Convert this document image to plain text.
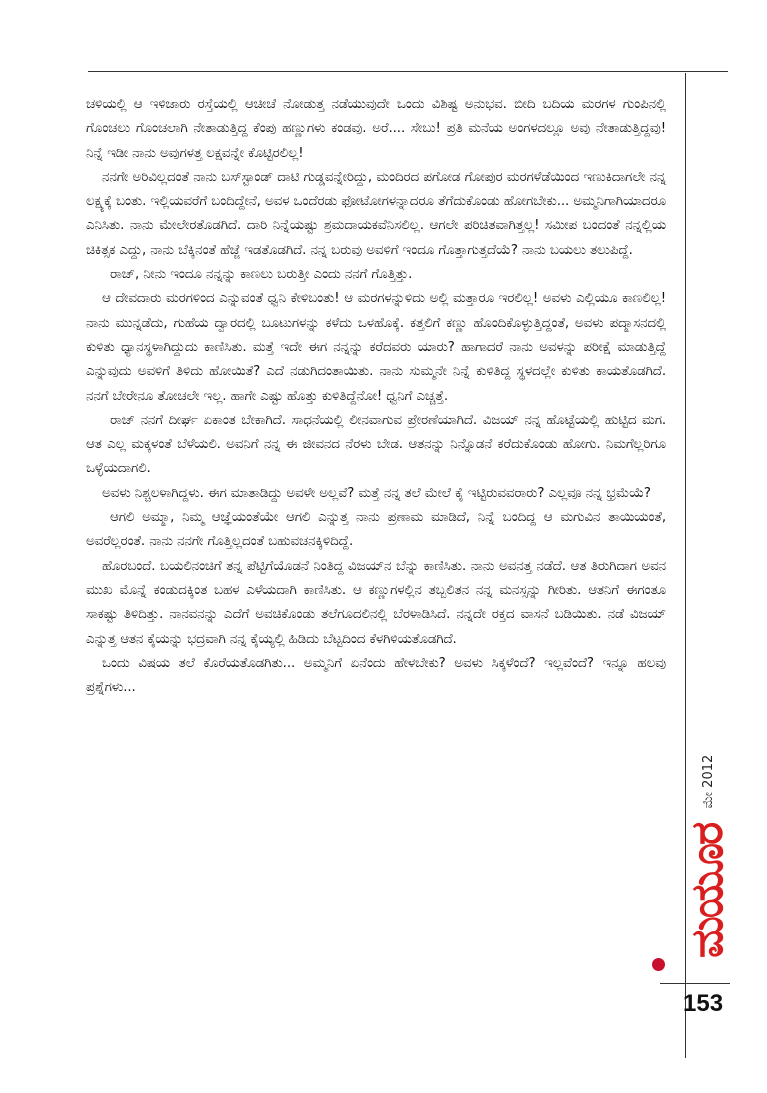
ಚಳಿಯಲ್ಲಿ ಆ ಇಳಿಜಾರು ರಸ್ತೆಯಲ್ಲಿ ಆಚೀಚೆ ನೋಡುತ್ತ ನಡೆಯುವುದೇ ಒಂದು ವಿಶಿಷ್ಟ ಅನುಭವ. ಬೀದಿ ಬದಿಯ ಮರಗಳ ಗುಂಪಿನಲ್ಲಿ ಗೊಂಚಲು ಗೊಂಚಲಾಗಿ ನೇತಾಡುತ್ತಿದ್ದ ಕೆಂಪು ಹಣ್ಣುಗಳು ಕಂಡವು. ಅರೆ.... ಸೇಬು! ಪ್ರತಿ ಮನೆಯ ಅಂಗಳದಲ್ಲೂ ಅವು ನೇತಾಡುತ್ತಿದ್ದವು! ನಿನ್ನೆ ಇಡೀ ನಾನು ಅವುಗಳತ್ತ ಲಕ್ಷವನ್ನೇ ಕೊಟ್ಟಿರಲಿಲ್ಲ!

ನನಗೇ ಅರಿವಿಲ್ಲದಂತೆ ನಾನು ಬಸ್‌ಸ್ಟಾಂಡ್ ದಾಟಿ ಗುಡ್ಡವನ್ನೇರಿದ್ದು, ಮಂದಿರದ ಪಗೋಡ ಗೋಪುರ ಮರಗಳೆಡೆಯಿಂದ ಇಣುಕಿದಾಗಲೇ ನನ್ನ ಲಕ್ಷ್ಯಕ್ಕೆ ಬಂತು. ಇಲ್ಲಿಯವರೆಗೆ ಬಂದಿದ್ದೇನೆ, ಅವಳ ಒಂದೆರಡು ಫೋಟೋಗಳನ್ನಾದರೂ ತೆಗೆದುಕೊಂಡು ಹೋಗಬೇಕು... ಅಮ್ಮನಿಗಾಗಿಯಾದರೂ ಎನಿಸಿತು. ನಾನು ಮೇಲೇರತೊಡಗಿದೆ. ದಾರಿ ನಿನ್ನೆಯಷ್ಟು ಶ್ರಮದಾಯಕವೆನಿಸಲಿಲ್ಲ. ಆಗಲೇ ಪರಿಚಿತವಾಗಿತ್ತಲ್ಲ! ಸಮೀಪ ಬಂದಂತೆ ನನ್ನಲ್ಲಿಯ ಚಿಕಿತ್ಸಕ ಎದ್ದು, ನಾನು ಬೆಕ್ಕಿನಂತೆ ಹೆಜ್ಜೆ ಇಡತೊಡಗಿದೆ. ನನ್ನ ಬರುವು ಅವಳಿಗೆ ಇಂದೂ ಗೊತ್ತಾಗುತ್ತದೆಯೆ? ನಾನು ಬಯಲು ತಲುಪಿದ್ದೆ.

ರಾಜ್, ನೀನು ಇಂದೂ ನನ್ನನ್ನು ಕಾಣಲು ಬರುತ್ತೀ ಎಂದು ನನಗೆ ಗೊತ್ತಿತ್ತು.

ಆ ದೇವದಾರು ಮರಗಳಿಂದ ಎನ್ನುವಂತೆ ಧ್ವನಿ ಕೇಳಿಬಂತು! ಆ ಮರಗಳನ್ನುಳಿದು ಅಲ್ಲಿ ಮತ್ತಾರೂ ಇರಲಿಲ್ಲ! ಅವಳು ಎಲ್ಲಿಯೂ ಕಾಣಲಿಲ್ಲ! ನಾನು ಮುನ್ನಡೆದು, ಗುಹೆಯ ದ್ವಾರದಲ್ಲಿ ಬೂಟುಗಳನ್ನು ಕಳೆದು ಒಳಹೊಕ್ಕೆ. ಕತ್ತಲಿಗೆ ಕಣ್ಣು ಹೊಂದಿಕೊಳ್ಳುತ್ತಿದ್ದಂತೆ, ಅವಳು ಪದ್ಮಾಸನದಲ್ಲಿ ಕುಳಿತು ಧ್ಯಾನಸ್ಥಳಾಗಿದ್ದುದು ಕಾಣಿಸಿತು. ಮತ್ತೆ ಇದೇ ಈಗ ನನ್ನನ್ನು ಕರೆದವರು ಯಾರು? ಹಾಗಾದರೆ ನಾನು ಅವಳನ್ನು ಪರೀಕ್ಷೆ ಮಾಡುತ್ತಿದ್ದೆ ಎನ್ನುವುದು ಅವಳಿಗೆ ತಿಳಿದು ಹೋಯಿತೆ? ಎದೆ ನಡುಗಿದಂತಾಯಿತು. ನಾನು ಸುಮ್ಮನೇ ನಿನ್ನೆ ಕುಳಿತಿದ್ದ ಸ್ಥಳದಲ್ಲೇ ಕುಳಿತು ಕಾಯತೊಡಗಿದೆ. ನನಗೆ ಬೇರೇನೂ ತೋಚಲೇ ಇಲ್ಲ. ಹಾಗೇ ಎಷ್ಟು ಹೊತ್ತು ಕುಳಿತಿದ್ದೆನೋ! ಧ್ವನಿಗೆ ಎಚ್ಚತ್ತೆ.

ರಾಜ್ ನನಗೆ ದೀರ್ಘ ಏಕಾಂತ ಬೇಕಾಗಿದೆ. ಸಾಧನೆಯಲ್ಲಿ ಲೀನವಾಗುವ ಪ್ರೇರಣೆಯಾಗಿದೆ. ವಿಜಯ್ ನನ್ನ ಹೊಟ್ಟೆಯಲ್ಲಿ ಹುಟ್ಟಿದ ಮಗ. ಆತ ಎಲ್ಲ ಮಕ್ಕಳಂತೆ ಬೆಳೆಯಲಿ. ಅವನಿಗೆ ನನ್ನ ಈ ಜೀವನದ ನೆರಳು ಬೇಡ. ಆತನನ್ನು ನಿನ್ನೊಡನೆ ಕರೆದುಕೊಂಡು ಹೋಗು. ನಿಮಗೆಲ್ಲರಿಗೂ ಒಳ್ಳೆಯದಾಗಲಿ.

ಅವಳು ನಿಶ್ಚಲಳಾಗಿದ್ದಳು. ಈಗ ಮಾತಾಡಿದ್ದು ಅವಳೇ ಅಲ್ಲವೆ? ಮತ್ತೆ ನನ್ನ ತಲೆ ಮೇಲೆ ಕೈ ಇಟ್ಟಿರುವವರಾರು? ಎಲ್ಲವೂ ನನ್ನ ಭ್ರಮೆಯೆ?

ಆಗಲಿ ಅಮ್ಮಾ, ನಿಮ್ಮ ಆಜ್ಞೆಯಂತೆಯೇ ಆಗಲಿ ಎನ್ನುತ್ತ ನಾನು ಪ್ರಣಾಮ ಮಾಡಿದೆ, ನಿನ್ನೆ ಬಂದಿದ್ದ ಆ ಮಗುವಿನ ತಾಯಿಯಂತೆ, ಅವರೆಲ್ಲರಂತೆ. ನಾನು ನನಗೇ ಗೊತ್ತಿಲ್ಲದಂತೆ ಬಹುವಚನಕ್ಕಿಳಿದಿದ್ದೆ.

ಹೊರಬಂದೆ. ಬಯಲಿನಂಚಿಗೆ ತನ್ನ ಪೆಟ್ಟಿಗೆಯೊಡನೆ ನಿಂತಿದ್ದ ವಿಜಯ್‌ನ ಬೆನ್ನು ಕಾಣಿಸಿತು. ನಾನು ಅವನತ್ತ ನಡೆದೆ. ಆತ ತಿರುಗಿದಾಗ ಅವನ ಮುಖ ಮೊನ್ನೆ ಕಂಡುದಕ್ಕಿಂತ ಬಹಳ ಎಳೆಯದಾಗಿ ಕಾಣಿಸಿತು. ಆ ಕಣ್ಣುಗಳಲ್ಲಿನ ತಬ್ಬಲಿತನ ನನ್ನ ಮನಸ್ಸನ್ನು ಗೀರಿತು. ಆತನಿಗೆ ಈಗಂತೂ ಸಾಕಷ್ಟು ತಿಳಿದಿತ್ತು. ನಾನವನನ್ನು ಎದೆಗೆ ಅವಚಿಕೊಂಡು ತಲೆಗೂದಲಿನಲ್ಲಿ ಬೆರಳಾಡಿಸಿದೆ. ನನ್ನದೇ ರಕ್ತದ ವಾಸನೆ ಬಡಿಯಿತು. ನಡೆ ವಿಜಯ್ ಎನ್ನುತ್ತ ಆತನ ಕೈಯನ್ನು ಭದ್ರವಾಗಿ ನನ್ನ ಕೈಯ್ಯಲ್ಲಿ ಹಿಡಿದು ಬೆಟ್ಟದಿಂದ ಕೆಳಗಿಳಿಯತೊಡಗಿದೆ.

ಒಂದು ವಿಷಯ ತಲೆ ಕೊರೆಯತೊಡಗಿತು... ಅಮ್ಮನಿಗೆ ಏನೆಂದು ಹೇಳಬೇಕು? ಅವಳು ಸಿಕ್ಕಳೆಂದೆ? ಇಲ್ಲವೆಂದೆ? ಇನ್ನೂ ಹಲವು ಪ್ರಶ್ನೆಗಳು...

ಮಯೂರ ಮೇ 2012
153
